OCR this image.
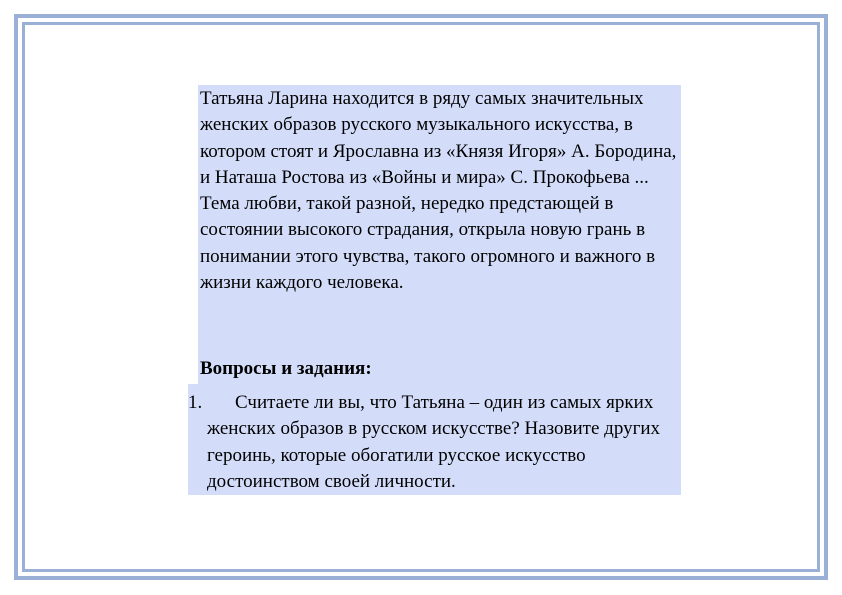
Татьяна Ларина находится в ряду самых значительных женских образов русского музыкального искусства, в котором стоят и Ярославна из «Князя Игоря» А. Бородина, и Наташа Ростова из «Войны и мира» С. Прокофьева ... Тема любви, такой разной, нередко предстающей в состоянии высокого страдания, открыла новую грань в понимании этого чувства, такого огромного и важного в жизни каждого человека.

Вопросы и задания:
1.	Считаете ли вы, что Татьяна – один из самых ярких женских образов в русском искусстве? Назовите других героинь, которые обогатили русское искусство достоинством своей личности.
